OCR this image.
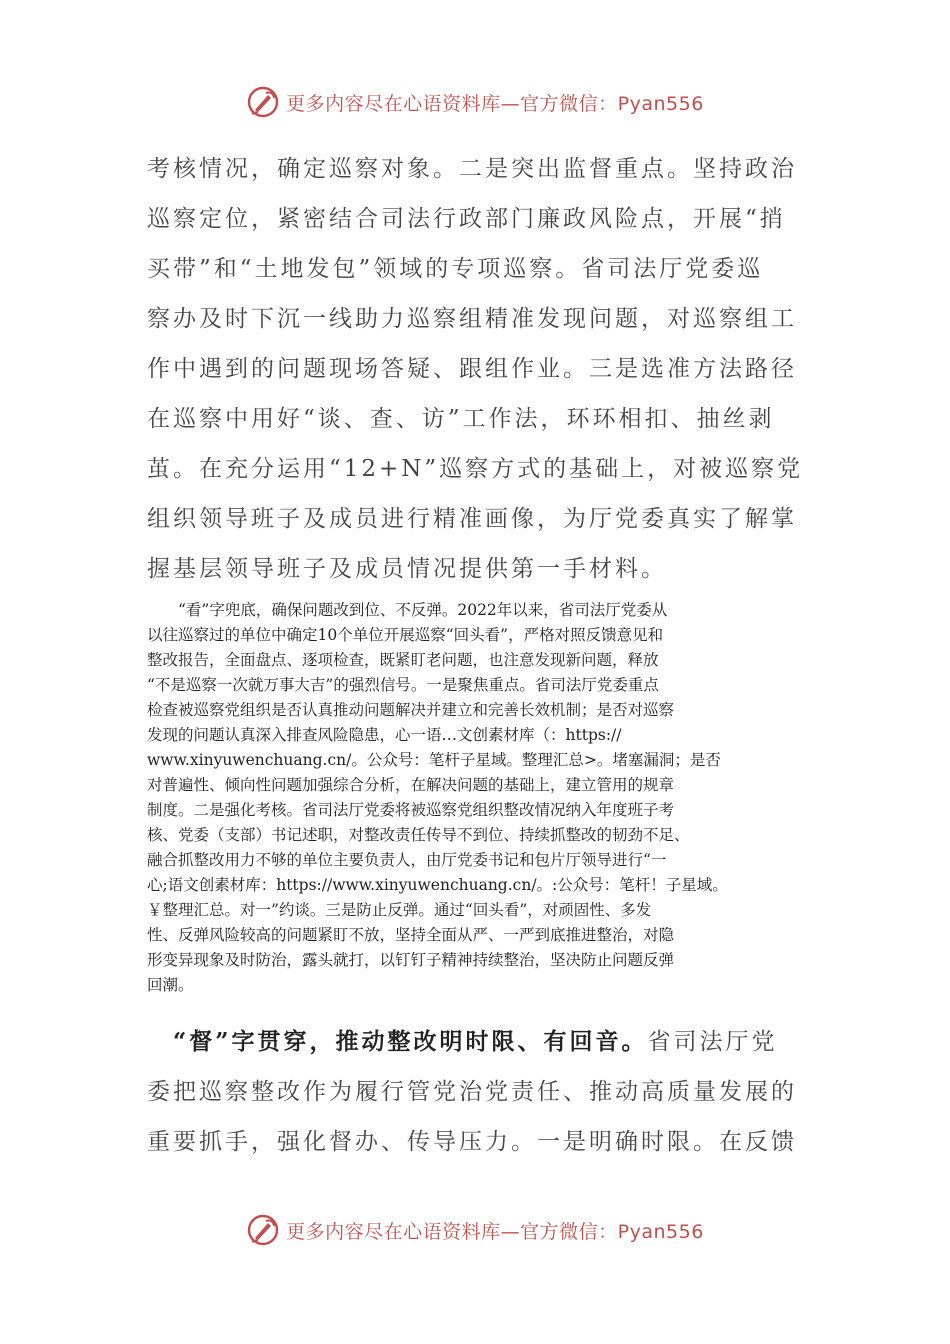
更多内容尽在心语资料库—官方微信：Pyan556
考核情况，确定巡察对象。二是突出监督重点。坚持政治
巡察定位，紧密结合司法行政部门廉政风险点，开展“捎
买带”和“土地发包”领域的专项巡察。省司法厅党委巡
察办及时下沉一线助力巡察组精准发现问题，对巡察组工
作中遇到的问题现场答疑、跟组作业。三是选准方法路径
在巡察中用好“谈、查、访”工作法，环环相扣、抽丝剥
茧。在充分运用“12+N”巡察方式的基础上，对被巡察党
组织领导班子及成员进行精准画像，为厅党委真实了解掌
握基层领导班子及成员情况提供第一手材料。
　　“看”字兜底，确保问题改到位、不反弹。2022年以来，省司法厅党委从
以往巡察过的单位中确定10个单位开展巡察“回头看”，严格对照反馈意见和
整改报告，全面盘点、逐项检查，既紧盯老问题，也注意发现新问题，释放
“不是巡察一次就万事大吉”的强烈信号。一是聚焦重点。省司法厅党委重点
检查被巡察党组织是否认真推动问题解决并建立和完善长效机制；是否对巡察
发现的问题认真深入排查风险隐患，心一语…文创素材库（：https://
www.xinyuwenchuang.cn/。公众号：笔杆子星域。整理汇总>。堵塞漏洞；是否
对普遍性、倾向性问题加强综合分析，在解决问题的基础上，建立管用的规章
制度。二是强化考核。省司法厅党委将被巡察党组织整改情况纳入年度班子考
核、党委（支部）书记述职，对整改责任传导不到位、持续抓整改的韧劲不足、
融合抓整改用力不够的单位主要负责人，由厅党委书记和包片厅领导进行“一
心;语文创素材库：https://www.xinyuwenchuang.cn/。:公众号：笔杆！子星域。
￥整理汇总。对一”约谈。三是防止反弹。通过“回头看”，对顽固性、多发
性、反弹风险较高的问题紧盯不放，坚持全面从严、一严到底推进整治，对隐
形变异现象及时防治，露头就打，以钉钉子精神持续整治，坚决防止问题反弹
回潮。
　“督”字贯穿，推动整改明时限、有回音。省司法厅党
委把巡察整改作为履行管党治党责任、推动高质量发展的
重要抓手，强化督办、传导压力。一是明确时限。在反馈
更多内容尽在心语资料库—官方微信：Pyan556
